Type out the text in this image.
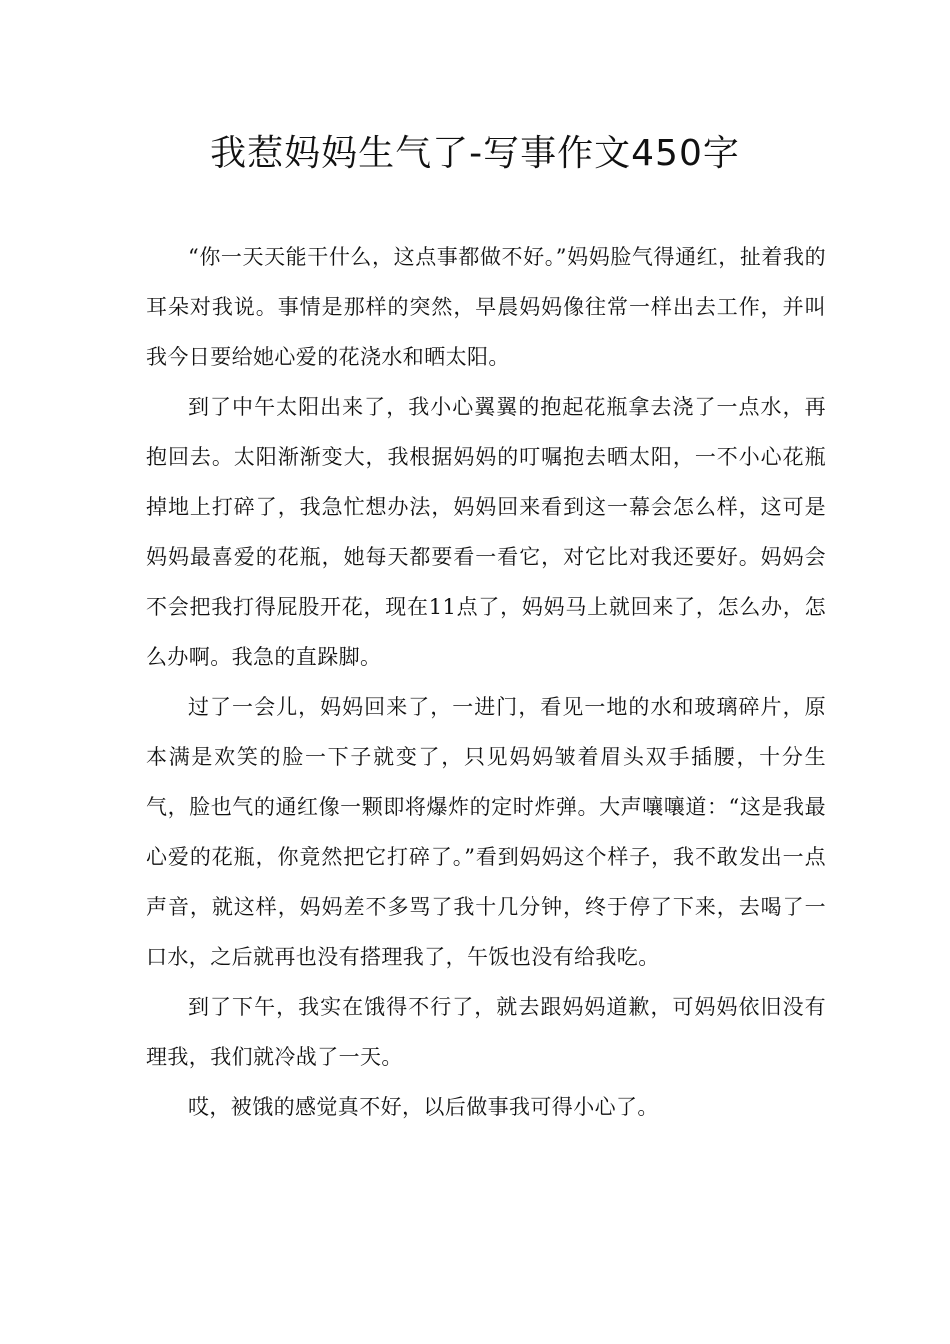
我惹妈妈生气了-写事作文450字

“你一天天能干什么，这点事都做不好。”妈妈脸气得通红，扯着我的耳朵对我说。事情是那样的突然，早晨妈妈像往常一样出去工作，并叫我今日要给她心爱的花浇水和晒太阳。

到了中午太阳出来了，我小心翼翼的抱起花瓶拿去浇了一点水，再抱回去。太阳渐渐变大，我根据妈妈的叮嘱抱去晒太阳，一不小心花瓶掉地上打碎了，我急忙想办法，妈妈回来看到这一幕会怎么样，这可是妈妈最喜爱的花瓶，她每天都要看一看它，对它比对我还要好。妈妈会不会把我打得屁股开花，现在11点了，妈妈马上就回来了，怎么办，怎么办啊。我急的直跺脚。

过了一会儿，妈妈回来了，一进门，看见一地的水和玻璃碎片，原本满是欢笑的脸一下子就变了，只见妈妈皱着眉头双手插腰，十分生气，脸也气的通红像一颗即将爆炸的定时炸弹。大声嚷嚷道：“这是我最心爱的花瓶，你竟然把它打碎了。”看到妈妈这个样子，我不敢发出一点声音，就这样，妈妈差不多骂了我十几分钟，终于停了下来，去喝了一口水，之后就再也没有搭理我了，午饭也没有给我吃。

到了下午，我实在饿得不行了，就去跟妈妈道歉，可妈妈依旧没有理我，我们就冷战了一天。

哎，被饿的感觉真不好，以后做事我可得小心了。
